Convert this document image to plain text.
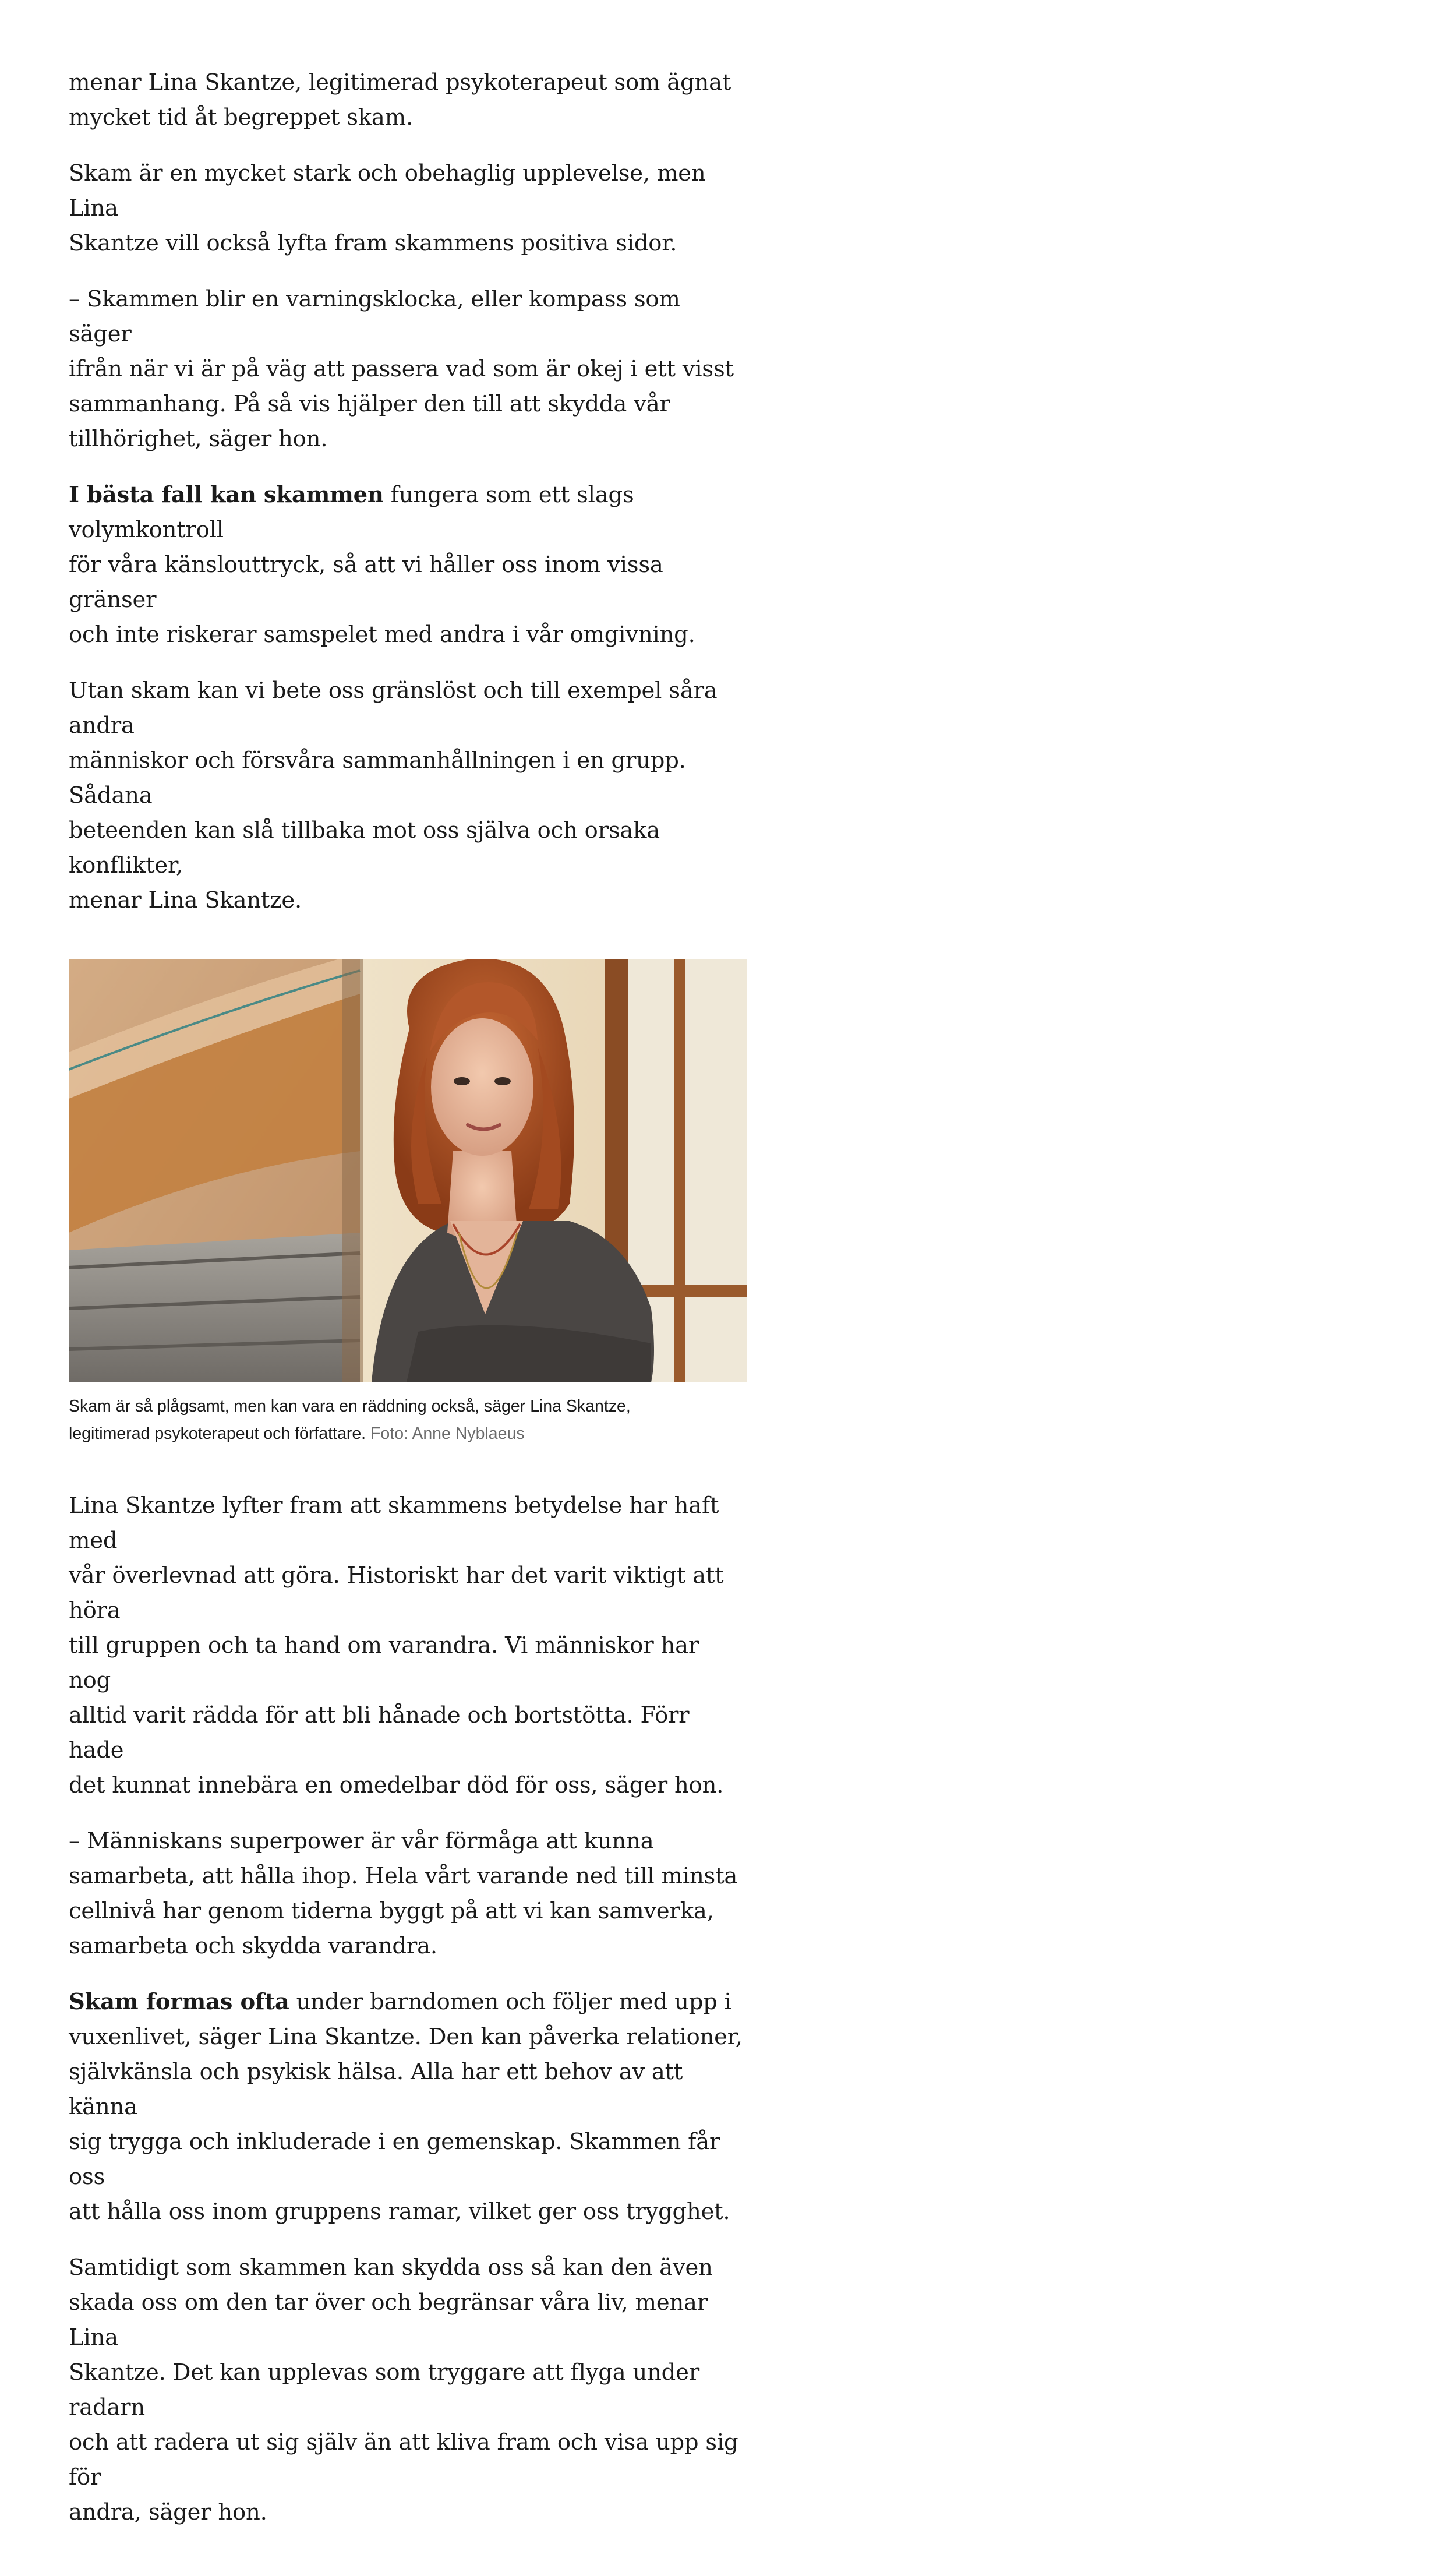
menar Lina Skantze, legitimerad psykoterapeut som ägnat
mycket tid åt begreppet skam.

Skam är en mycket stark och obehaglig upplevelse, men Lina
Skantze vill också lyfta fram skammens positiva sidor.

– Skammen blir en varningsklocka, eller kompass som säger
ifrån när vi är på väg att passera vad som är okej i ett visst
sammanhang. På så vis hjälper den till att skydda vår
tillhörighet, säger hon.

I bästa fall kan skammen fungera som ett slags volymkontroll
för våra känslouttryck, så att vi håller oss inom vissa gränser
och inte riskerar samspelet med andra i vår omgivning.

Utan skam kan vi bete oss gränslöst och till exempel såra andra
människor och försvåra sammanhållningen i en grupp. Sådana
beteenden kan slå tillbaka mot oss själva och orsaka konflikter,
menar Lina Skantze.

Skam är så plågsamt, men kan vara en räddning också, säger Lina Skantze,
legitimerad psykoterapeut och författare. Foto: Anne Nyblaeus

Lina Skantze lyfter fram att skammens betydelse har haft med
vår överlevnad att göra. Historiskt har det varit viktigt att höra
till gruppen och ta hand om varandra. Vi människor har nog
alltid varit rädda för att bli hånade och bortstötta. Förr hade
det kunnat innebära en omedelbar död för oss, säger hon.

– Människans superpower är vår förmåga att kunna
samarbeta, att hålla ihop. Hela vårt varande ned till minsta
cellnivå har genom tiderna byggt på att vi kan samverka,
samarbeta och skydda varandra.

Skam formas ofta under barndomen och följer med upp i
vuxenlivet, säger Lina Skantze. Den kan påverka relationer,
självkänsla och psykisk hälsa. Alla har ett behov av att känna
sig trygga och inkluderade i en gemenskap. Skammen får oss
att hålla oss inom gruppens ramar, vilket ger oss trygghet.

Samtidigt som skammen kan skydda oss så kan den även
skada oss om den tar över och begränsar våra liv, menar Lina
Skantze. Det kan upplevas som tryggare att flyga under radarn
och att radera ut sig själv än att kliva fram och visa upp sig för
andra, säger hon.
